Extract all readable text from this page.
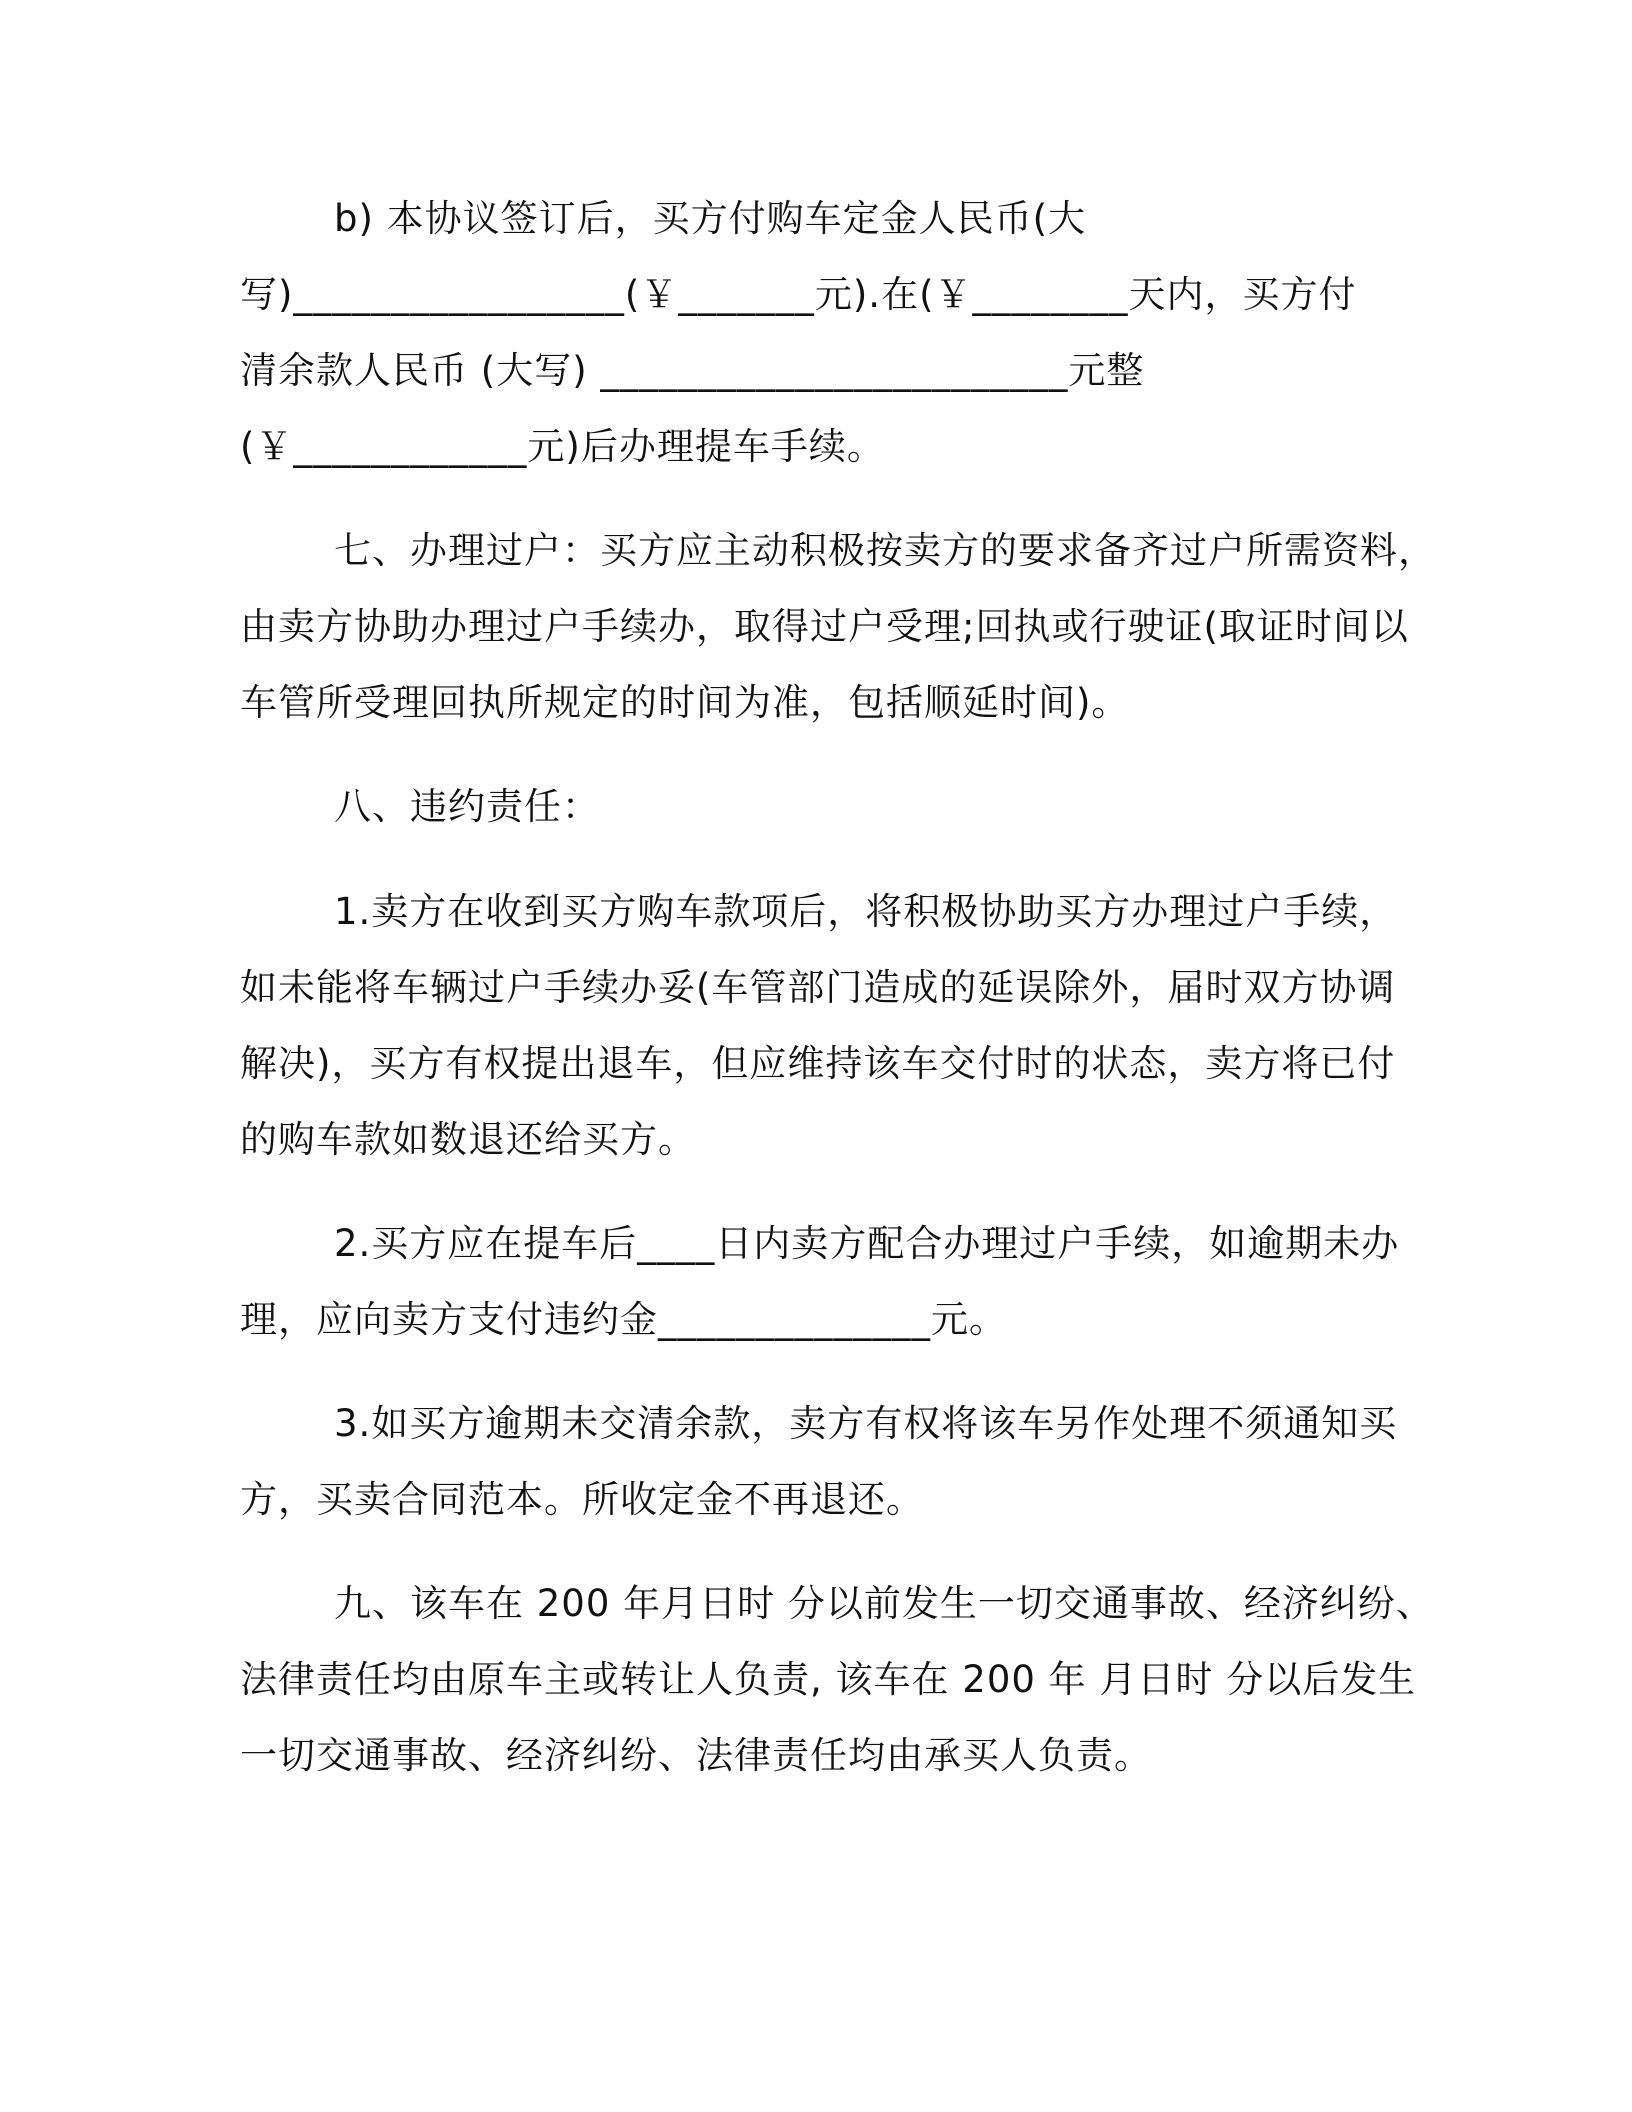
b) 本协议签订后，买方付购车定金人民币(大
写)_________________(￥_______元).在(￥________天内，买方付
清余款人民币 (大写) ________________________元整
(￥____________元)后办理提车手续。
七、办理过户：买方应主动积极按卖方的要求备齐过户所需资料，
由卖方协助办理过户手续办，取得过户受理;回执或行驶证(取证时间以
车管所受理回执所规定的时间为准，包括顺延时间)。
八、违约责任：
1.卖方在收到买方购车款项后，将积极协助买方办理过户手续，
如未能将车辆过户手续办妥(车管部门造成的延误除外，届时双方协调
解决)，买方有权提出退车，但应维持该车交付时的状态，卖方将已付
的购车款如数退还给买方。
2.买方应在提车后____日内卖方配合办理过户手续，如逾期未办
理，应向卖方支付违约金______________元。
3.如买方逾期未交清余款，卖方有权将该车另作处理不须通知买
方，买卖合同范本。所收定金不再退还。
九、该车在 200 年月日时 分以前发生一切交通事故、经济纠纷、
法律责任均由原车主或转让人负责, 该车在 200 年 月日时 分以后发生
一切交通事故、经济纠纷、法律责任均由承买人负责。
